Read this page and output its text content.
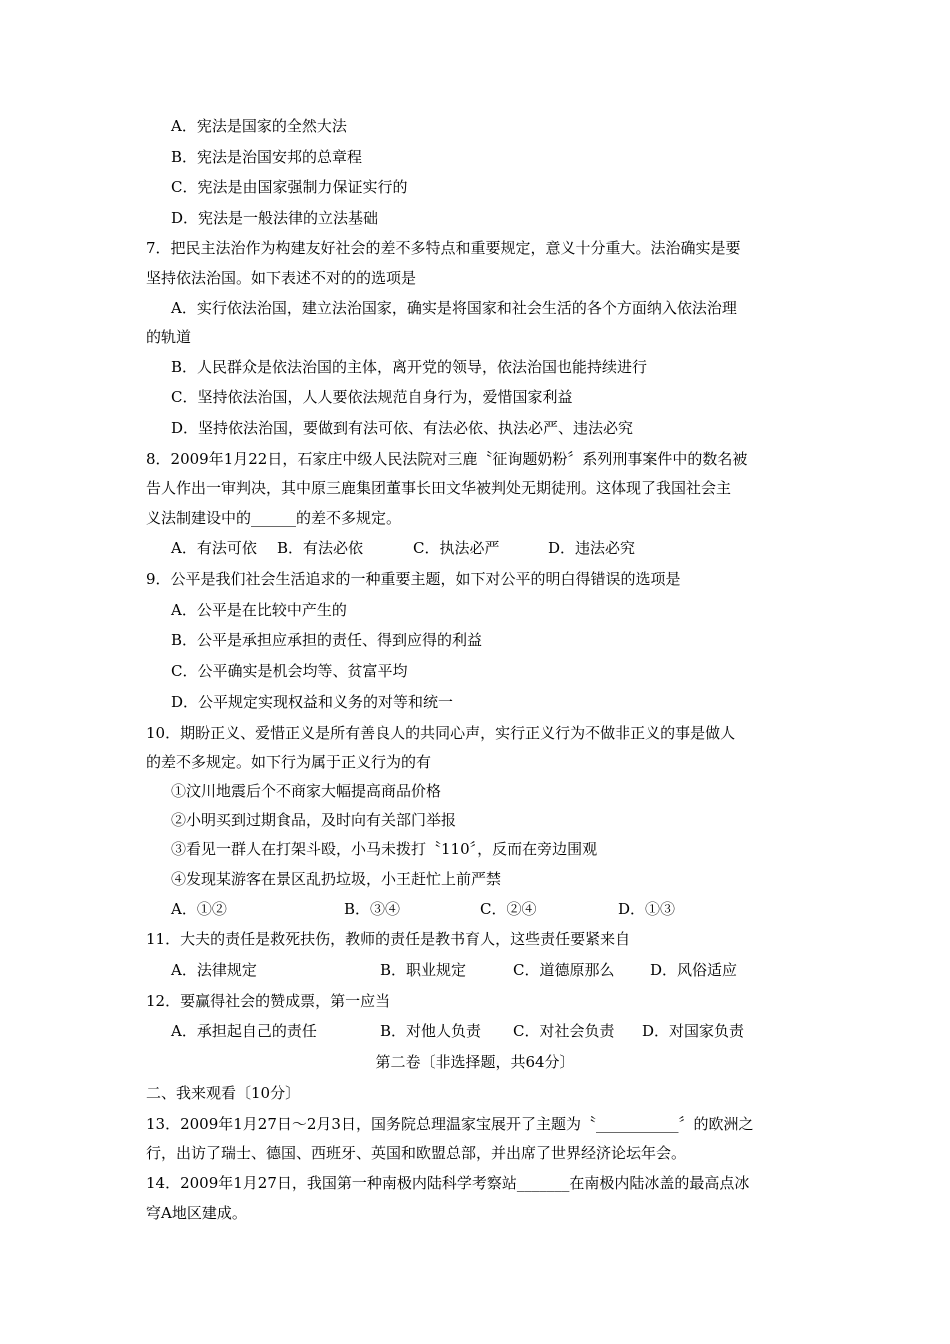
A．宪法是国家的全然大法
B．宪法是治国安邦的总章程
C．宪法是由国家强制力保证实行的
D．宪法是一般法律的立法基础
7．把民主法治作为构建友好社会的差不多特点和重要规定，意义十分重大。法治确实是要
坚持依法治国。如下表述不对的的选项是
A．实行依法治国，建立法治国家，确实是将国家和社会生活的各个方面纳入依法治理
的轨道
B．人民群众是依法治国的主体，离开党的领导，依法治国也能持续进行
C．坚持依法治国，人人要依法规范自身行为，爱惜国家利益
D．坚持依法治国，要做到有法可依、有法必依、执法必严、违法必究
8．2009年1月22日，石家庄中级人民法院对三鹿〝征询题奶粉〞系列刑事案件中的数名被
告人作出一审判决，其中原三鹿集团董事长田文华被判处无期徒刑。这体现了我国社会主
义法制建设中的______的差不多规定。
A．有法可依 B．有法必依	C．执法必严	D．违法必究
9．公平是我们社会生活追求的一种重要主题，如下对公平的明白得错误的选项是
A．公平是在比较中产生的
B．公平是承担应承担的责任、得到应得的利益
C．公平确实是机会均等、贫富平均
D．公平规定实现权益和义务的对等和统一
10．期盼正义、爱惜正义是所有善良人的共同心声，实行正义行为不做非正义的事是做人
的差不多规定。如下行为属于正义行为的有
①汶川地震后个不商家大幅提高商品价格
②小明买到过期食品，及时向有关部门举报
③看见一群人在打架斗殴，小马未拨打〝110〞，反而在旁边围观
④发现某游客在景区乱扔垃圾，小王赶忙上前严禁
A．①②	B．③④	C．②④	D．①③
11．大夫的责任是救死扶伤，教师的责任是教书育人，这些责任要紧来自
A．法律规定	B．职业规定	C．道德原那么 D．风俗适应
12．要赢得社会的赞成票，第一应当
A．承担起自己的责任	B．对他人负责 C．对社会负责 D．对国家负责
第二卷〔非选择题，共64分〕
二、我来观看〔10分〕
13．2009年1月27日～2月3日，国务院总理温家宝展开了主题为〝___________〞的欧洲之
行，出访了瑞士、德国、西班牙、英国和欧盟总部，并出席了世界经济论坛年会。
14．2009年1月27日，我国第一种南极内陆科学考察站_______在南极内陆冰盖的最高点冰
穹A地区建成。
